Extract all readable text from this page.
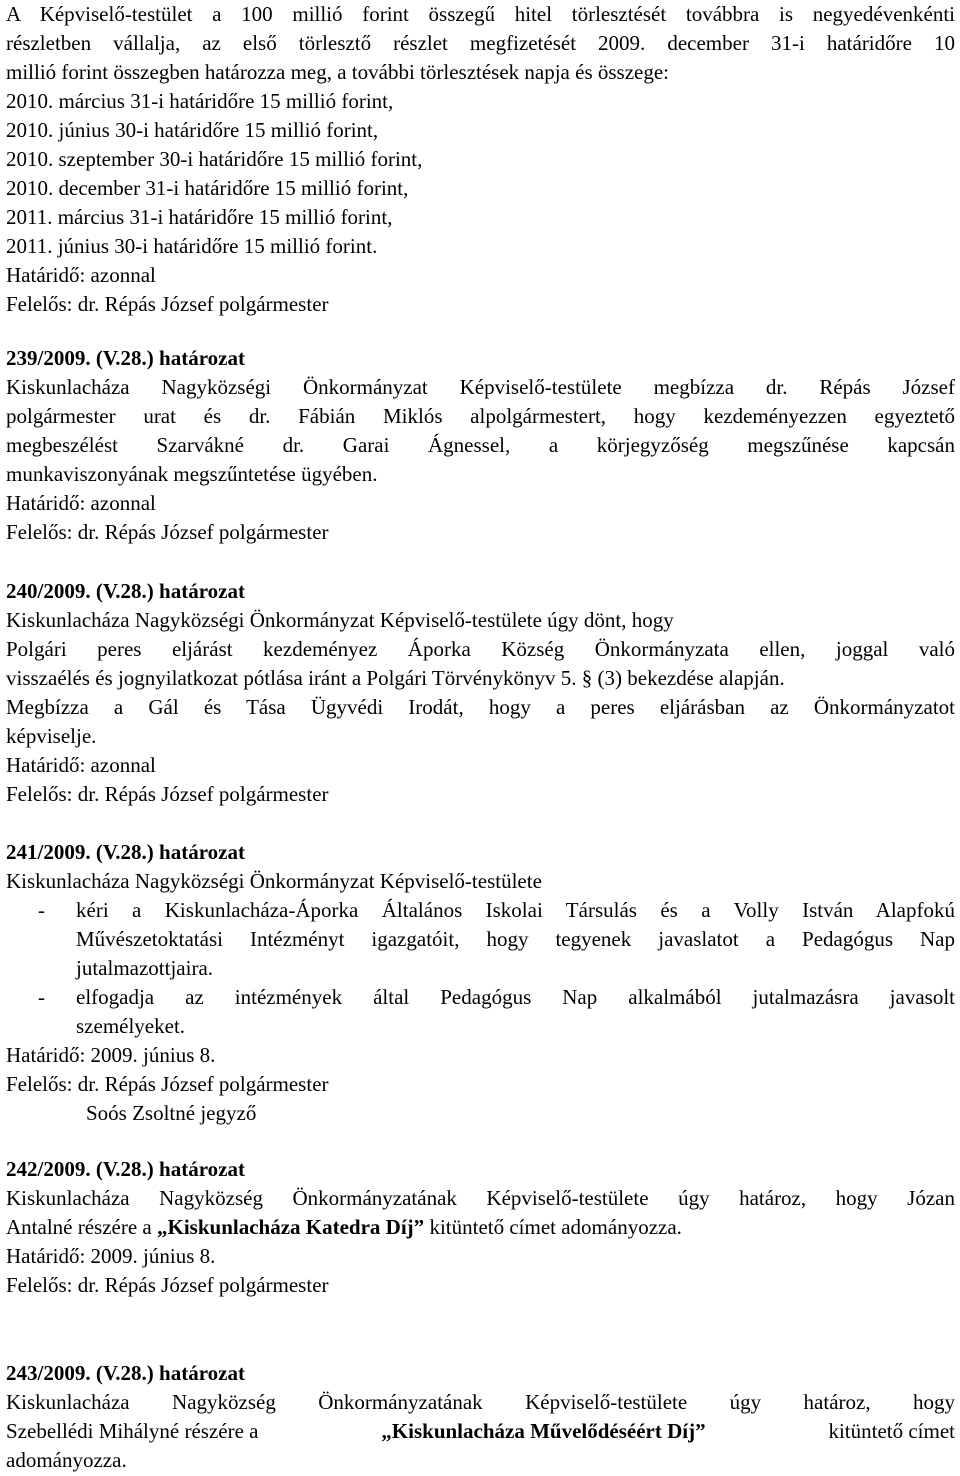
A Képviselő-testület a 100 millió forint összegű hitel törlesztését továbbra is negyedévenkénti
részletben vállalja, az első törlesztő részlet megfizetését 2009. december 31-i határidőre 10
millió forint összegben határozza meg, a további törlesztések napja és összege:
2010. március 31-i határidőre 15 millió forint,
2010. június 30-i határidőre 15 millió forint,
2010. szeptember 30-i határidőre 15 millió forint,
2010. december 31-i határidőre 15 millió forint,
2011. március 31-i határidőre 15 millió forint,
2011. június 30-i határidőre 15 millió forint.
Határidő: azonnal
Felelős: dr. Répás József polgármester
239/2009. (V.28.) határozat
Kiskunlacháza Nagyközségi Önkormányzat Képviselő-testülete megbízza dr. Répás József
polgármester urat és dr. Fábián Miklós alpolgármestert, hogy kezdeményezzen egyeztető
megbeszélést Szarvákné dr. Garai Ágnessel, a körjegyzőség megszűnése kapcsán
munkaviszonyának megszűntetése ügyében.
Határidő: azonnal
Felelős: dr. Répás József polgármester
240/2009. (V.28.) határozat
Kiskunlacháza Nagyközségi Önkormányzat Képviselő-testülete úgy dönt, hogy
Polgári peres eljárást kezdeményez Áporka Község Önkormányzata ellen, joggal való
visszaélés és jognyilatkozat pótlása iránt a Polgári Törvénykönyv 5. § (3) bekezdése alapján.
Megbízza a Gál és Tása Ügyvédi Irodát, hogy a peres eljárásban az Önkormányzatot
képviselje.
Határidő: azonnal
Felelős: dr. Répás József polgármester
241/2009. (V.28.) határozat
Kiskunlacháza Nagyközségi Önkormányzat Képviselő-testülete
- kéri a Kiskunlacháza-Áporka Általános Iskolai Társulás és a Volly István Alapfokú
Művészetoktatási Intézményt igazgatóit, hogy tegyenek javaslatot a Pedagógus Nap
jutalmazottjaira.
- elfogadja az intézmények által Pedagógus Nap alkalmából jutalmazásra javasolt
személyeket.
Határidő: 2009. június 8.
Felelős: dr. Répás József polgármester
Soós Zsoltné jegyző
242/2009. (V.28.) határozat
Kiskunlacháza Nagyközség Önkormányzatának Képviselő-testülete úgy határoz, hogy Józan
Antalné részére a „Kiskunlacháza Katedra Díj” kitüntető címet adományozza.
Határidő: 2009. június 8.
Felelős: dr. Répás József polgármester
243/2009. (V.28.) határozat
Kiskunlacháza Nagyközség Önkormányzatának Képviselő-testülete úgy határoz, hogy
Szebellédi Mihályné részére a	„Kiskunlacháza Művelődéséért Díj”	kitüntető címet
adományozza.
